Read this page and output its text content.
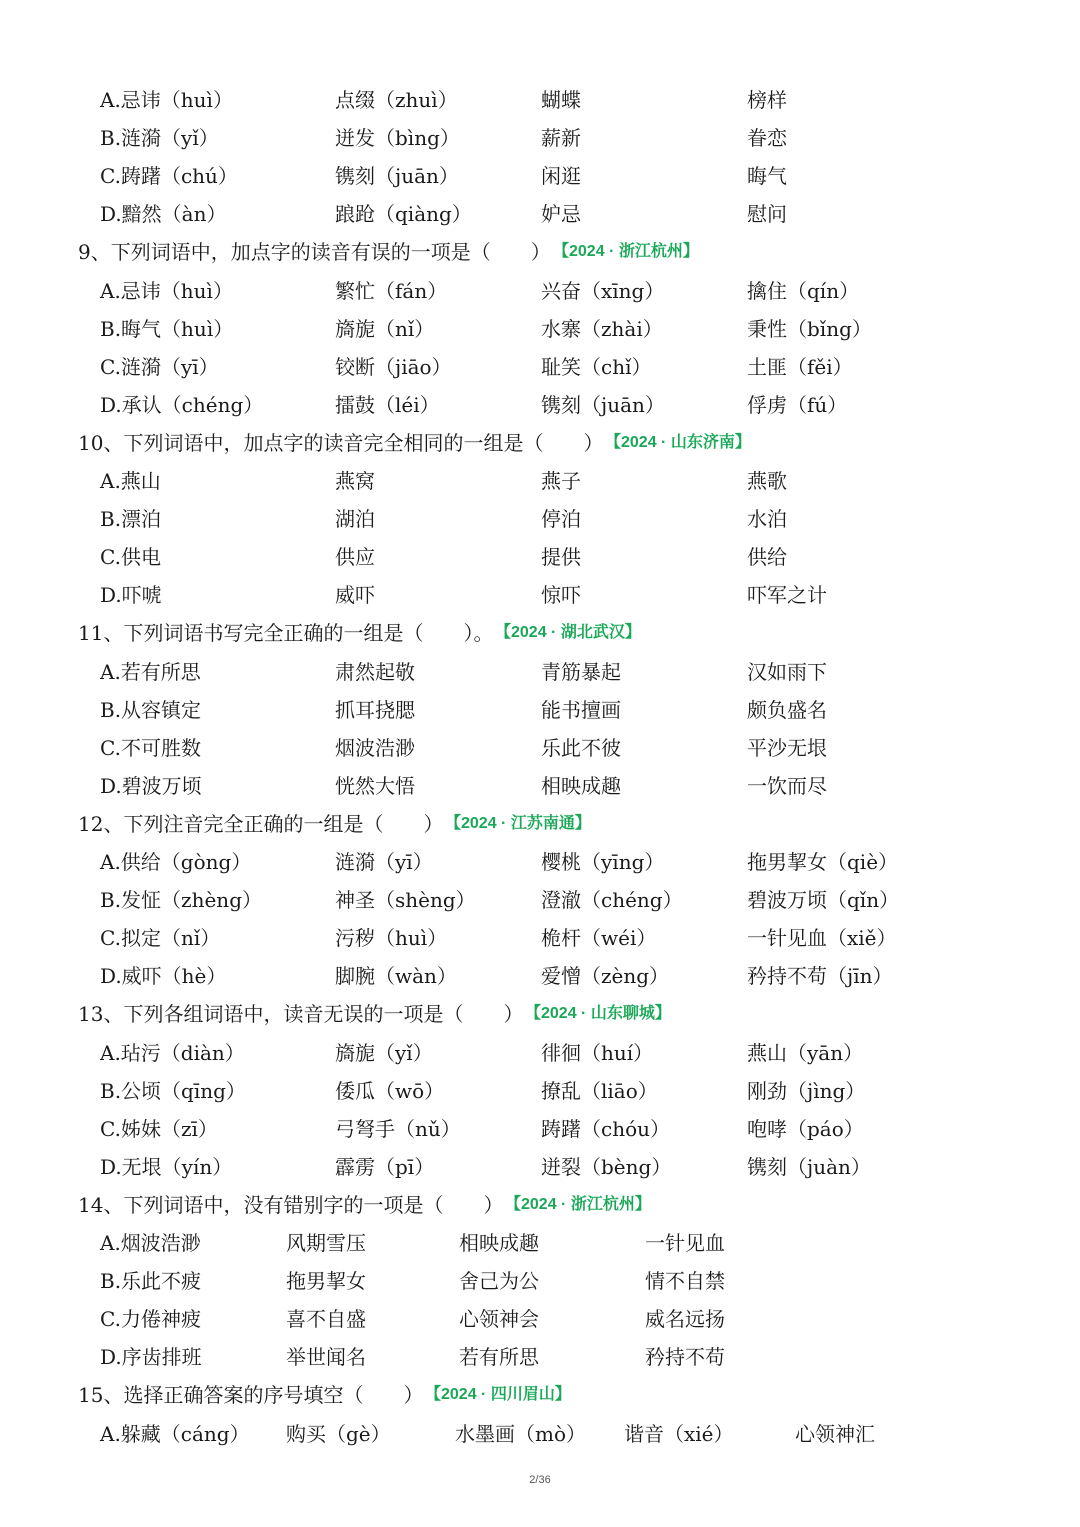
A.忌讳（huì）	点缀（zhuì）	蝴蝶	榜样
B.涟漪（yǐ）	迸发（bìng）	薪新	眷恋
C.踌躇（chú）	镌刻（juān）	闲逛	晦气
D.黯然（àn）	踉跄（qiàng）	妒忌	慰问
9、下列词语中，加点字的读音有误的一项是（　　） 【2024 · 浙江杭州】
A.忌讳（huì）	繁忙（fán）	兴奋（xīng）	擒住（qín）
B.晦气（huì）	旖旎（nǐ）	水寨（zhài）	秉性（bǐng）
C.涟漪（yī）	铰断（jiāo）	耻笑（chǐ）	土匪（fěi）
D.承认（chéng）	擂鼓（léi）	镌刻（juān）	俘虏（fú）
10、下列词语中，加点字的读音完全相同的一组是（　　） 【2024 · 山东济南】
A.燕山	燕窝	燕子	燕歌
B.漂泊	湖泊	停泊	水泊
C.供电	供应	提供	供给
D.吓唬	威吓	惊吓	吓军之计
11、下列词语书写完全正确的一组是（　　）。 【2024 · 湖北武汉】
A.若有所思	肃然起敬	青筋暴起	汉如雨下
B.从容镇定	抓耳挠腮	能书擅画	颇负盛名
C.不可胜数	烟波浩渺	乐此不彼	平沙无垠
D.碧波万顷	恍然大悟	相映成趣	一饮而尽
12、下列注音完全正确的一组是（　　） 【2024 · 江苏南通】
A.供给（gòng）	涟漪（yī）	樱桃（yīng）	拖男挈女（qiè）
B.发怔（zhèng）	神圣（shèng）	澄澈（chéng）	碧波万顷（qǐn）
C.拟定（nǐ）	污秽（huì）	桅杆（wéi）	一针见血（xiě）
D.威吓（hè）	脚腕（wàn）	爱憎（zèng）	矜持不苟（jīn）
13、下列各组词语中，读音无误的一项是（　　） 【2024 · 山东聊城】
A.玷污（diàn）	旖旎（yǐ）	徘徊（huí）	燕山（yān）
B.公顷（qīng）	倭瓜（wō）	撩乱（liāo）	刚劲（jìng）
C.姊妹（zī）	弓弩手（nǔ）	踌躇（chóu）	咆哮（páo）
D.无垠（yín）	霹雳（pī）	迸裂（bèng）	镌刻（juàn）
14、下列词语中，没有错别字的一项是（　　） 【2024 · 浙江杭州】
A.烟波浩渺	风期雪压	相映成趣	一针见血
B.乐此不疲	拖男挈女	舍己为公	情不自禁
C.力倦神疲	喜不自盛	心领神会	威名远扬
D.序齿排班	举世闻名	若有所思	矜持不苟
15、选择正确答案的序号填空（　　） 【2024 · 四川眉山】
A.躲藏（cáng） 购买（gè）	水墨画（mò） 谐音（xié）	心领神汇
2/36
